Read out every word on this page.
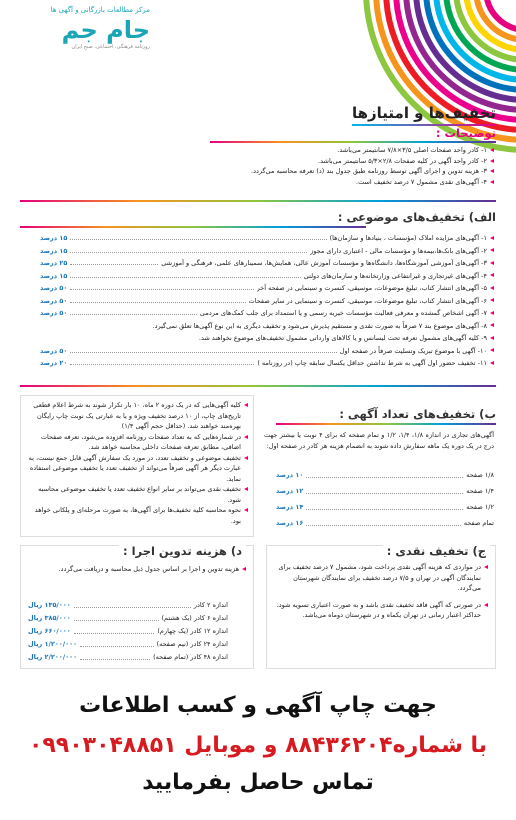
مرکز مطالعات بازرگانی و آگهی ها
جام جم
روزنامه فرهنگی، اجتماعی، صبح ایران
تخفیف‌ها و امتیازها
توضیحات :
۱- کادر واحد صفحات اصلی ۳/۵×۷/۸ سانتیمتر می‌باشد.
۲- کادر واحد آگهی در کلیه صفحات ۲/۸×۵/۳ سانتیمتر می‌باشد.
۳- هزینه تدوین و اجرای آگهی توسط روزنامه طبق جدول بند (د) تعرفه محاسبه می‌گردد.
۴- آگهی‌های نقدی مشمول ۷ درصد تخفیف است.
الف) تخفیف‌های موضوعی :
۱- آگهی‌های مزایده املاک (مؤسسات ، بنیادها و سازمان‌ها)
۱۵ درصد
۲- آگهی‌های بانک‌ها،بیمه‌ها و مؤسسات مالی - اعتباری دارای مجوز
۱۵ درصد
۳- آگهی‌های آموزشی آموزشگاه‌ها، دانشگاه‌ها و مؤسسات آموزش عالی، همایش‌ها، سمینارهای علمی، فرهنگی و آموزشی
۲۵ درصد
۴- آگهی‌های غیرتجاری و غیرانتفاعی وزارتخانه‌ها و سازمان‌های دولتی
۱۵ درصد
۵- آگهی‌های انتشار کتاب، تبلیغ موضوعات، موسیقی، کنسرت و سینمایی در صفحه آخر
۵۰ درصد
۶- آگهی‌های انتشار کتاب، تبلیغ موضوعات، موسیقی، کنسرت و سینمایی در سایر صفحات
۵۰ درصد
۷- آگهی اشخاص گمشده و معرفی فعالیت مؤسسات خیریه رسمی و یا استمداد برای جلب کمک‌های مردمی
۵۰ درصد
۸- آگهی‌های موضوع بند ۷ صرفاً به صورت نقدی و مستقیم پذیرش می‌شود و تخفیف دیگری به این نوع آگهی‌ها تعلق نمی‌گیرد.
۹- کلیه آگهی‌های مشمول تعرفه تحت لیسانس و یا کالاهای وارداتی مشمول تخفیف‌های موضوع نخواهند شد.
۱۰- آگهی با موضوع تبریک وتسلیت صرفاً در صفحه اول
۵۰ درصد
۱۱- تخفیف حضور اول آگهی به شرط نداشتن حداقل یکسال سابقه چاپ (در روزنامه )
۲۰ درصد
ب) تخفیف‌های تعداد آگهی :
آگهی‌های تجاری در اندازه ۱/۸، ۱/۴، ۱/۲ و تمام صفحه که برای ۴ نوبت یا بیشتر جهت درج در یک دوره یک ماهه سفارش داده شوند به انضمام هزینه هر کادر در صفحه اول:
۱/۸ صفحه
۱۰ درصد
۱/۴ صفحه
۱۲ درصد
۱/۲ صفحه
۱۴ درصد
تمام صفحه
۱۶ درصد
کلیه آگهی‌هایی که در یک دوره ۲ ماه، ۱۰ بار تکرار شوند به شرط اعلام قطعی تاریخ‌های چاپ، از ۱۰ درصد تخفیف ویژه و یا به عبارتی یک نوبت چاپ رایگان بهره‌مند خواهند شد. (حداقل حجم آگهی ۱/۴)
در شماره‌هایی که به تعداد صفحات روزنامه افزوده می‌شود، تعرفه صفحات اضافی، مطابق تعرفه صفحات داخلی محاسبه خواهد شد.
تخفیف موضوعی و تخفیف تعدد، در مورد یک سفارش آگهی قابل جمع نیست، به عبارت دیگر هر آگهی صرفاً می‌تواند از تخفیف تعدد یا تخفیف موضوعی استفاده نماید.
تخفیف نقدی می‌تواند بر سایر انواع تخفیف تعدد یا تخفیف موضوعی محاسبه شود.
نحوه محاسبه کلیه تخفیف‌ها برای آگهی‌ها، به صورت مرحله‌ای و پلکانی خواهد بود.
ج) تخفیف نقدی :
در مواردی که هزینه آگهی نقدی پرداخت شود، مشمول ۷ درصد تخفیف برای نمایندگان آگهی در تهران و ۷/۵ درصد تخفیف برای نمایندگان شهرستان می‌گردد.
در صورتی که آگهی فاقد تخفیف نقدی باشد و به صورت اعتباری تسویه شود، حداکثر اعتبار زمانی در تهران یکماه و در شهرستان دوماه می‌باشد.
د) هزینه تدوین اجرا :
هزینه تدوین و اجرا بر اساس جدول ذیل محاسبه و دریافت می‌گردد.
اندازه ۲ کادر
۱۳۵/۰۰۰ ریال
اندازه ۶ کادر (یک هشتم)
۳۸۵/۰۰۰ ریال
اندازه ۱۲ کادر (یک چهارم)
۶۶۰/۰۰۰ ریال
اندازه ۲۴ کادر (نیم صفحه)
۱/۲۰۰/۰۰۰ ریال
اندازه ۴۸ کادر (تمام صفحه)
۲/۲۰۰/۰۰۰ ریال
جهت چاپ آگهی و کسب اطلاعات
با شماره۸۸۴۳۶۲۰۴ و موبایل ۰۹۹۰۳۰۴۸۸۵۱
تماس حاصل بفرمایید
